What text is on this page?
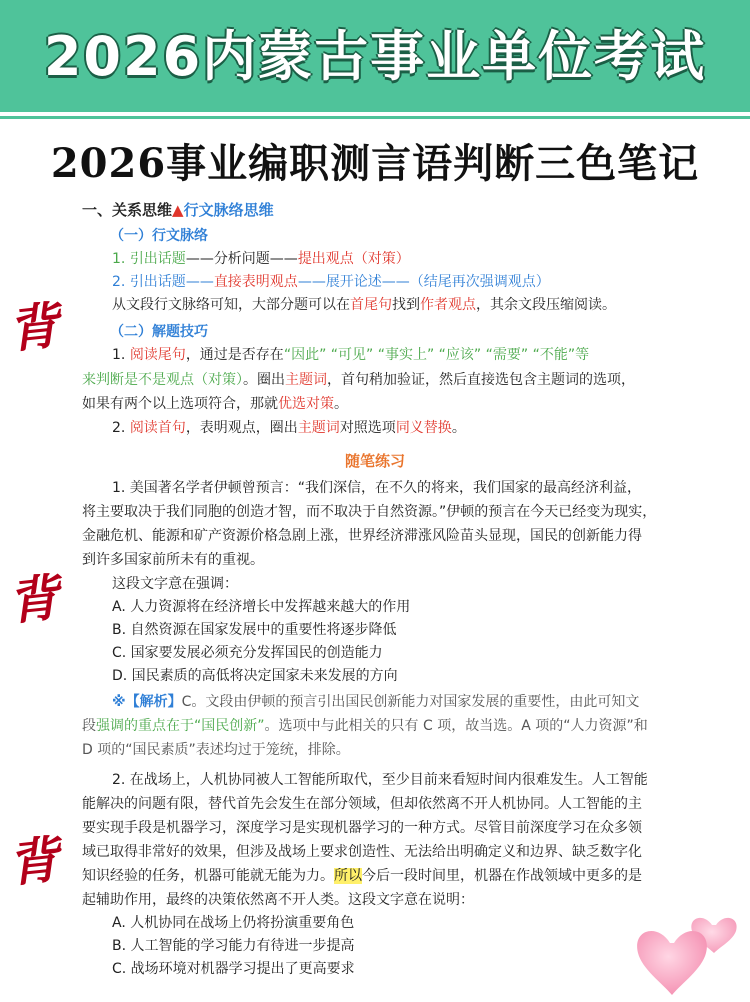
2026内蒙古事业单位考试
2026事业编职测言语判断三色笔记
背
背
背
一、关系思维▲行文脉络思维
（一）行文脉络
1. 引出话题——分析问题——提出观点（对策）
2. 引出话题——直接表明观点——展开论述——（结尾再次强调观点）
从文段行文脉络可知，大部分题可以在首尾句找到作者观点，其余文段压缩阅读。
（二）解题技巧
1. 阅读尾句，通过是否存在“因此” “可见” “事实上” “应该” “需要” “不能”等
来判断是不是观点（对策）。圈出主题词，首句稍加验证，然后直接选包含主题词的选项，
如果有两个以上选项符合，那就优选对策。
2. 阅读首句，表明观点，圈出主题词对照选项同义替换。
随笔练习
1. 美国著名学者伊顿曾预言：“我们深信，在不久的将来，我们国家的最高经济利益，
将主要取决于我们同胞的创造才智，而不取决于自然资源。”伊顿的预言在今天已经变为现实，
金融危机、能源和矿产资源价格急剧上涨，世界经济滞涨风险苗头显现，国民的创新能力得
到许多国家前所未有的重视。
这段文字意在强调：
A. 人力资源将在经济增长中发挥越来越大的作用
B. 自然资源在国家发展中的重要性将逐步降低
C. 国家要发展必须充分发挥国民的创造能力
D. 国民素质的高低将决定国家未来发展的方向
※【解析】C。文段由伊顿的预言引出国民创新能力对国家发展的重要性，由此可知文
段强调的重点在于“国民创新”。选项中与此相关的只有 C 项，故当选。A 项的“人力资源”和
D 项的“国民素质”表述均过于笼统，排除。
2. 在战场上，人机协同被人工智能所取代，至少目前来看短时间内很难发生。人工智能
能解决的问题有限，替代首先会发生在部分领域，但却依然离不开人机协同。人工智能的主
要实现手段是机器学习，深度学习是实现机器学习的一种方式。尽管目前深度学习在众多领
域已取得非常好的效果，但涉及战场上要求创造性、无法给出明确定义和边界、缺乏数字化
知识经验的任务，机器可能就无能为力。所以今后一段时间里，机器在作战领域中更多的是
起辅助作用，最终的决策依然离不开人类。这段文字意在说明：
A. 人机协同在战场上仍将扮演重要角色
B. 人工智能的学习能力有待进一步提高
C. 战场环境对机器学习提出了更高要求
